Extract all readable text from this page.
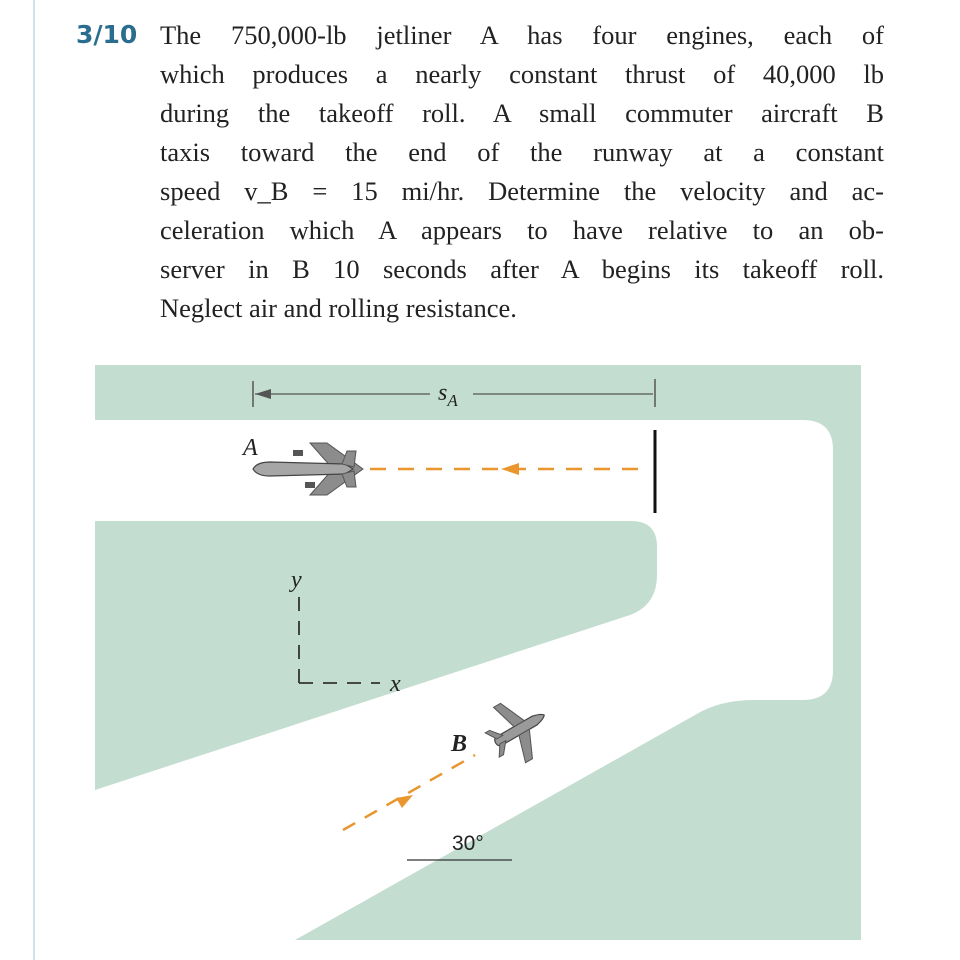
3/10 The 750,000-lb jetliner A has four engines, each of
which produces a nearly constant thrust of 40,000 lb
during the takeoff roll. A small commuter aircraft B
taxis toward the end of the runway at a constant
speed v_B = 15 mi/hr. Determine the velocity and ac-
celeration which A appears to have relative to an ob-
server in B 10 seconds after A begins its takeoff roll.
Neglect air and rolling resistance.
$s_A$
A
y
x
B
30°
